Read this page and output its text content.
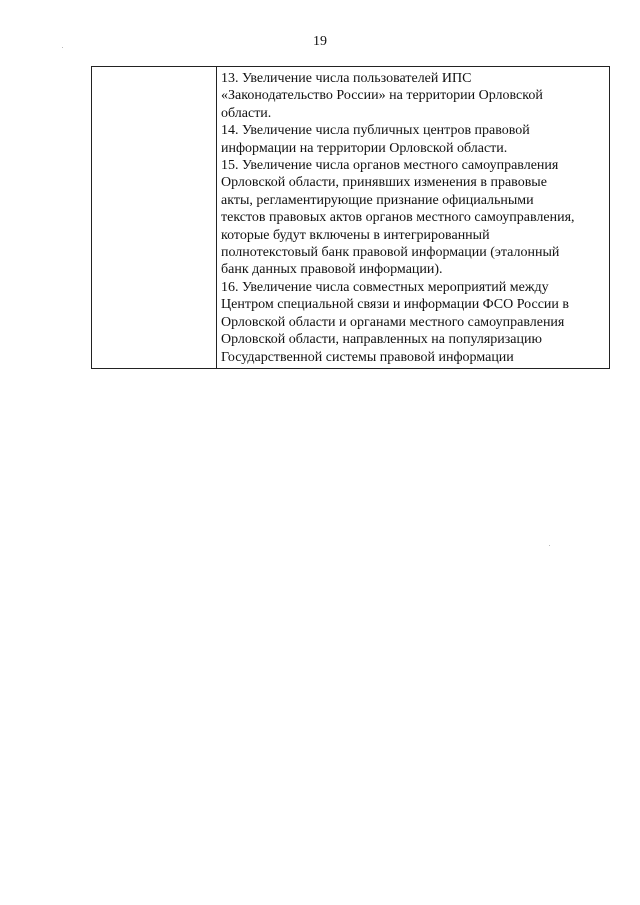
19

13. Увеличение числа пользователей ИПС
«Законодательство России» на территории Орловской
области.
14. Увеличение числа публичных центров правовой
информации на территории Орловской области.
15. Увеличение числа органов местного самоуправления
Орловской области, принявших изменения в правовые
акты, регламентирующие признание официальными
текстов правовых актов органов местного самоуправления,
которые будут включены в интегрированный
полнотекстовый банк правовой информации (эталонный
банк данных правовой информации).
16. Увеличение числа совместных мероприятий между
Центром специальной связи и информации ФСО России в
Орловской области и органами местного самоуправления
Орловской области, направленных на популяризацию
Государственной системы правовой информации
